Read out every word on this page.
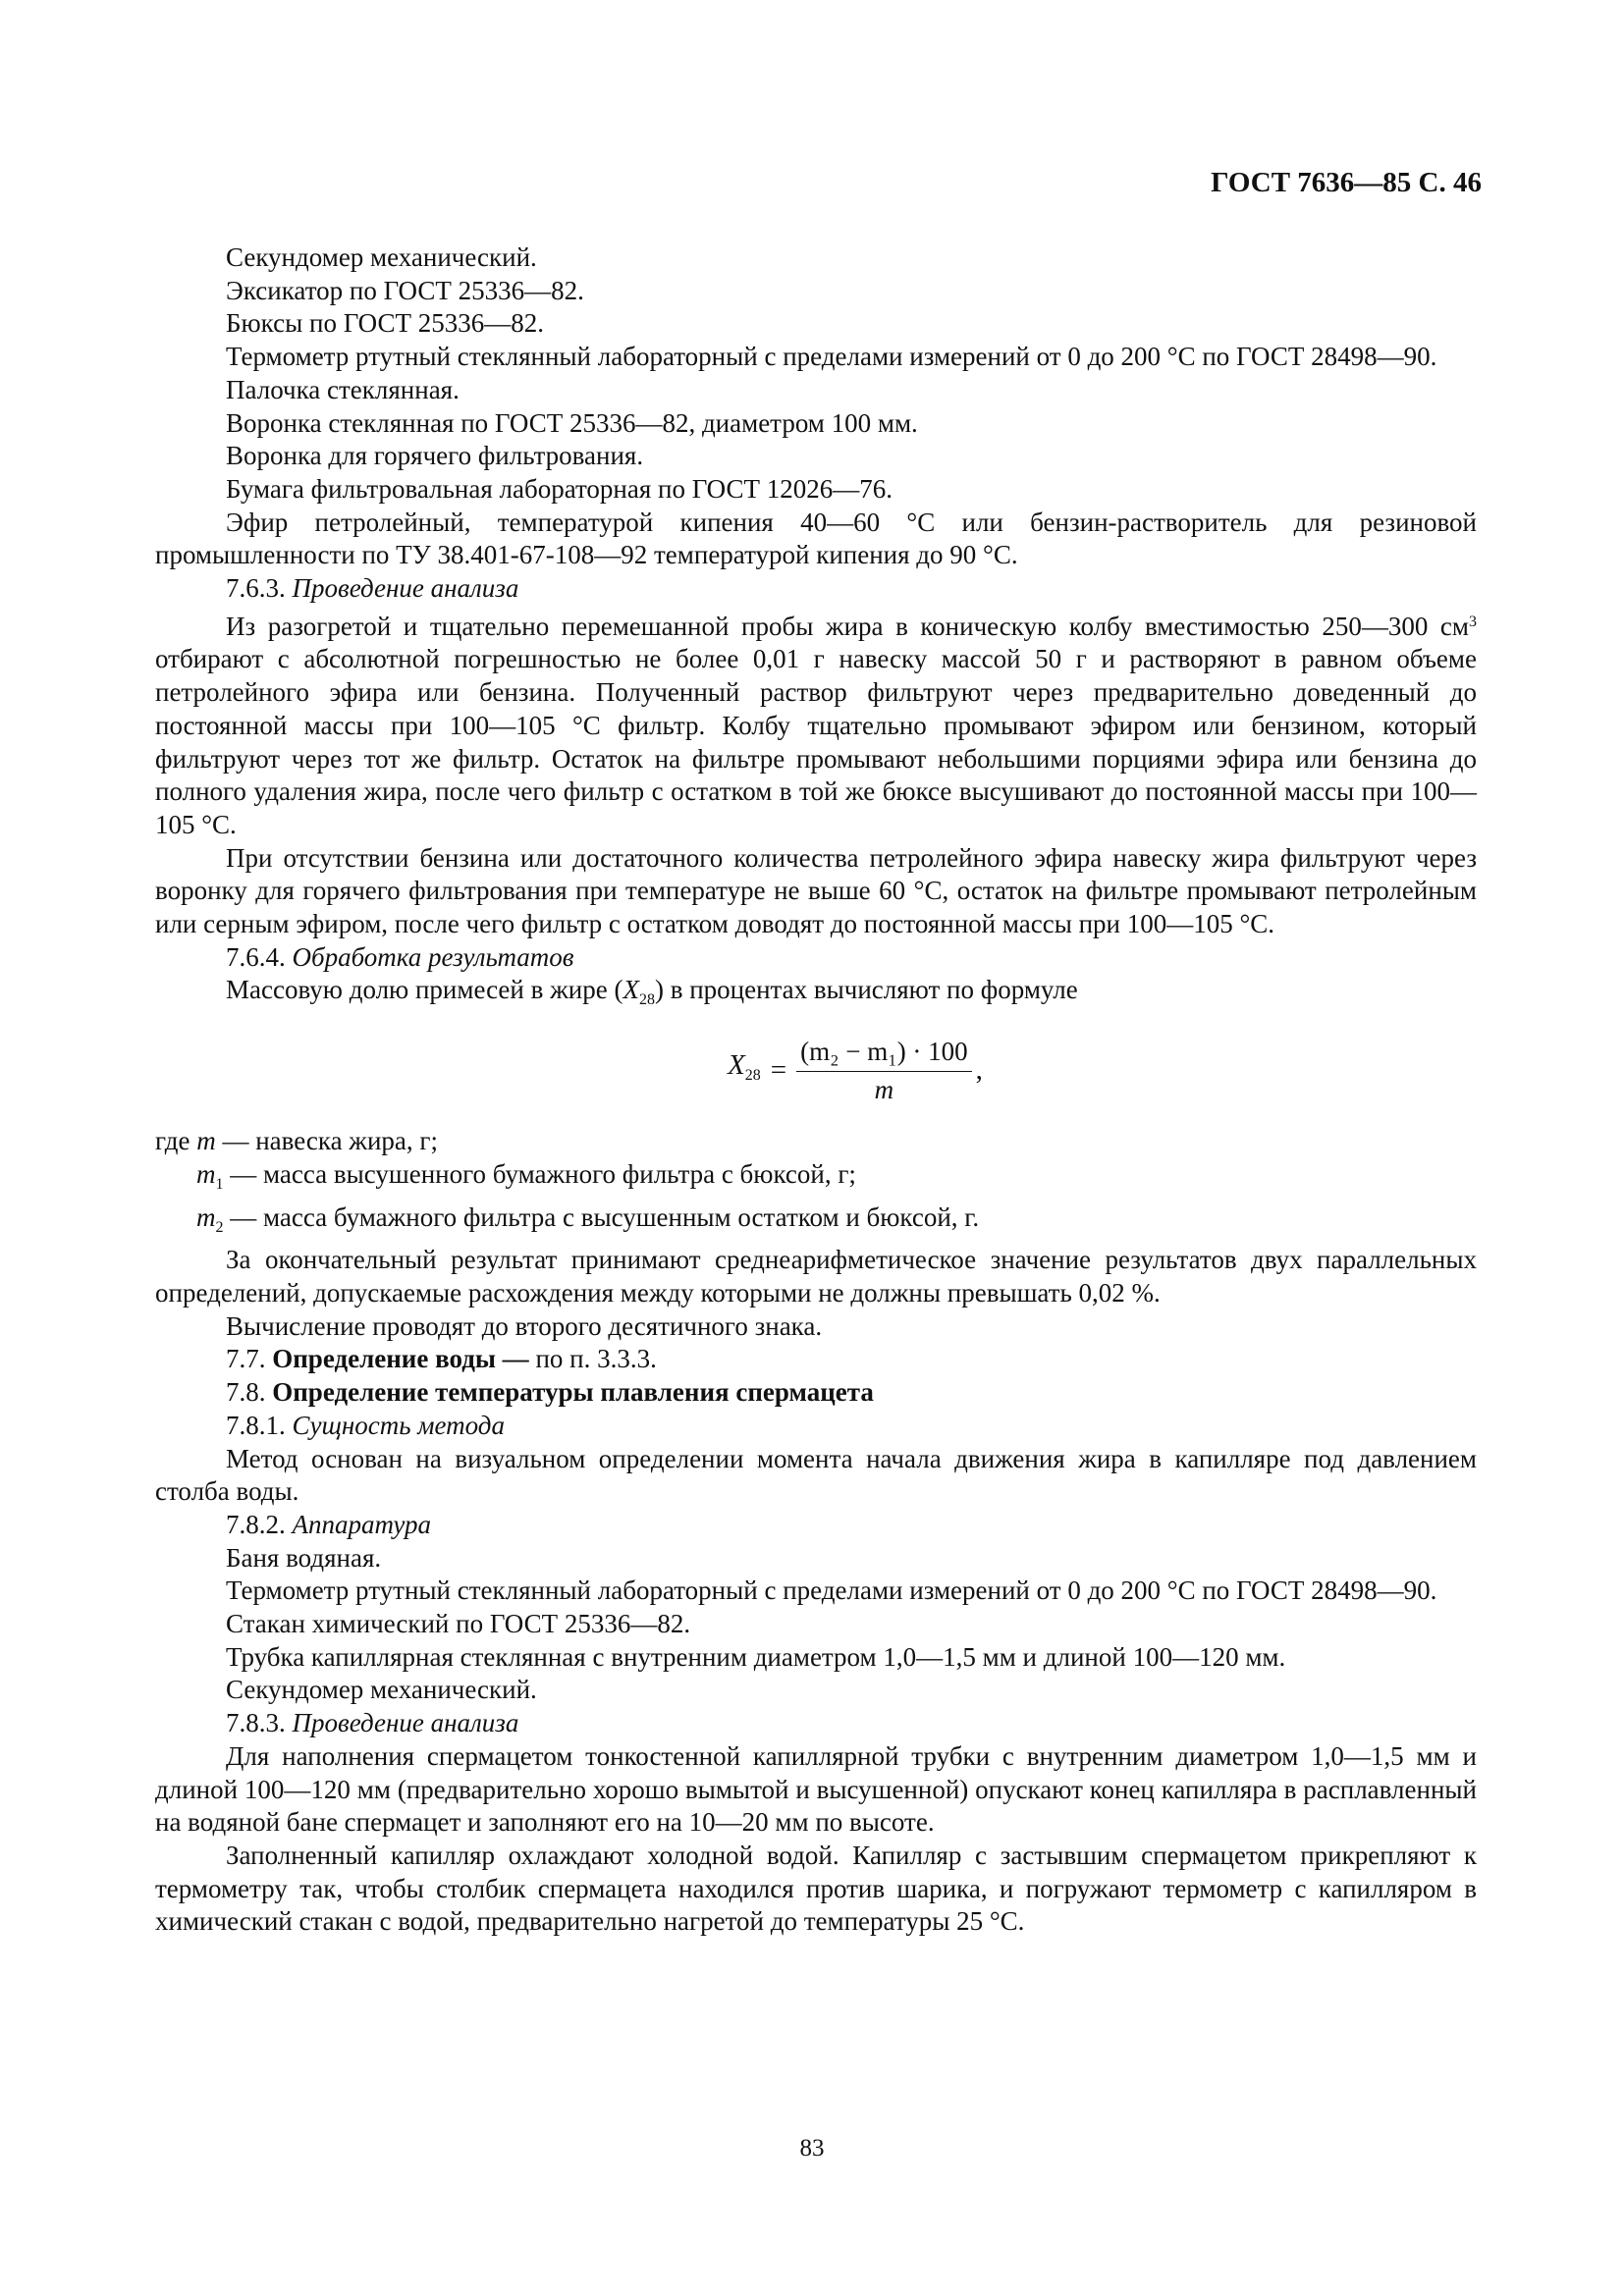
ГОСТ 7636—85 С. 46

Секундомер механический.

Эксикатор по ГОСТ 25336—82.

Бюксы по ГОСТ 25336—82.

Термометр ртутный стеклянный лабораторный с пределами измерений от 0 до 200 °С по ГОСТ 28498—90.

Палочка стеклянная.

Воронка стеклянная по ГОСТ 25336—82, диаметром 100 мм.

Воронка для горячего фильтрования.

Бумага фильтровальная лабораторная по ГОСТ 12026—76.

Эфир петролейный, температурой кипения 40—60 °С или бензин-растворитель для резиновой промышленности по ТУ 38.401-67-108—92 температурой кипения до 90 °С.

7.6.3. Проведение анализа

Из разогретой и тщательно перемешанной пробы жира в коническую колбу вместимостью 250—300 $см^3$ отбирают с абсолютной погрешностью не более 0,01 г навеску массой 50 г и растворяют в равном объеме петролейного эфира или бензина. Полученный раствор фильтруют через предварительно доведенный до постоянной массы при 100—105 °С фильтр. Колбу тщательно промывают эфиром или бензином, который фильтруют через тот же фильтр. Остаток на фильтре промывают небольшими порциями эфира или бензина до полного удаления жира, после чего фильтр с остатком в той же бюксе высушивают до постоянной массы при 100—105 °С.

При отсутствии бензина или достаточного количества петролейного эфира навеску жира фильтруют через воронку для горячего фильтрования при температуре не выше 60 °С, остаток на фильтре промывают петролейным или серным эфиром, после чего фильтр с остатком доводят до постоянной массы при 100—105 °С.

7.6.4. Обработка результатов

Массовую долю примесей в жире $(X_{28})$ в процентах вычисляют по формуле

$X_{28} = \frac{\text{(m₂ − m₁) · 100}}{m}$ ,

где m — навеска жира, г;

$m_1$ — масса высушенного бумажного фильтра с бюксой, г;

$m_2$ — масса бумажного фильтра с высушенным остатком и бюксой, г.

За окончательный результат принимают среднеарифметическое значение результатов двух параллельных определений, допускаемые расхождения между которыми не должны превышать 0,02 %.

Вычисление проводят до второго десятичного знака.

7.7. Определение воды — по п. 3.3.3.

7.8. Определение температуры плавления спермацета

7.8.1. Сущность метода

Метод основан на визуальном определении момента начала движения жира в капилляре под давлением столба воды.

7.8.2. Аппаратура

Баня водяная.

Термометр ртутный стеклянный лабораторный с пределами измерений от 0 до 200 °С по ГОСТ 28498—90.

Стакан химический по ГОСТ 25336—82.

Трубка капиллярная стеклянная с внутренним диаметром 1,0—1,5 мм и длиной 100—120 мм.

Секундомер механический.

7.8.3. Проведение анализа

Для наполнения спермацетом тонкостенной капиллярной трубки с внутренним диаметром 1,0—1,5 мм и длиной 100—120 мм (предварительно хорошо вымытой и высушенной) опускают конец капилляра в расплавленный на водяной бане спермацет и заполняют его на 10—20 мм по высоте.

Заполненный капилляр охлаждают холодной водой. Капилляр с застывшим спермацетом прикрепляют к термометру так, чтобы столбик спермацета находился против шарика, и погружают термометр с капилляром в химический стакан с водой, предварительно нагретой до температуры 25 °С.

83
